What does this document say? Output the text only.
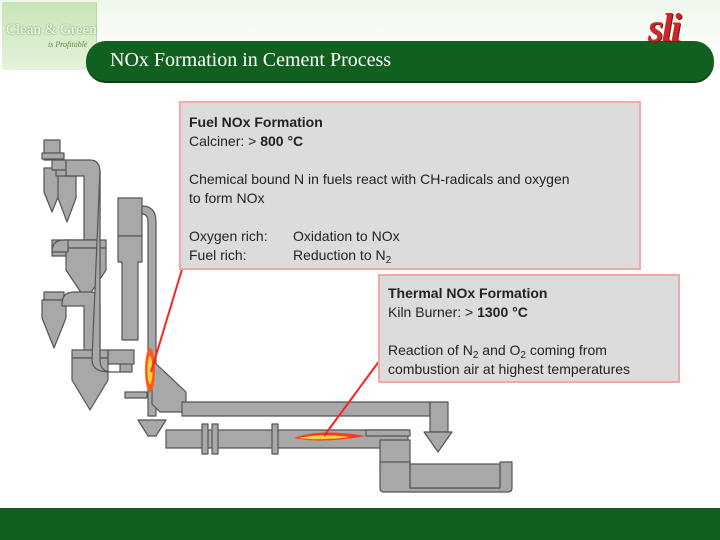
Clean & Green
is Profitable
NOx Formation in Cement Process
sli
Fuel NOx Formation
Calciner: > 800 °C
Chemical bound N in fuels react with CH-radicals and oxygen
to form NOx
Oxygen rich: Oxidation to NOx
Fuel rich:	Reduction to $N_2$
Thermal NOx Formation
Kiln Burner: > 1300 °C
Reaction of $N_2$ and $O_2$ coming from
combustion air at highest temperatures
